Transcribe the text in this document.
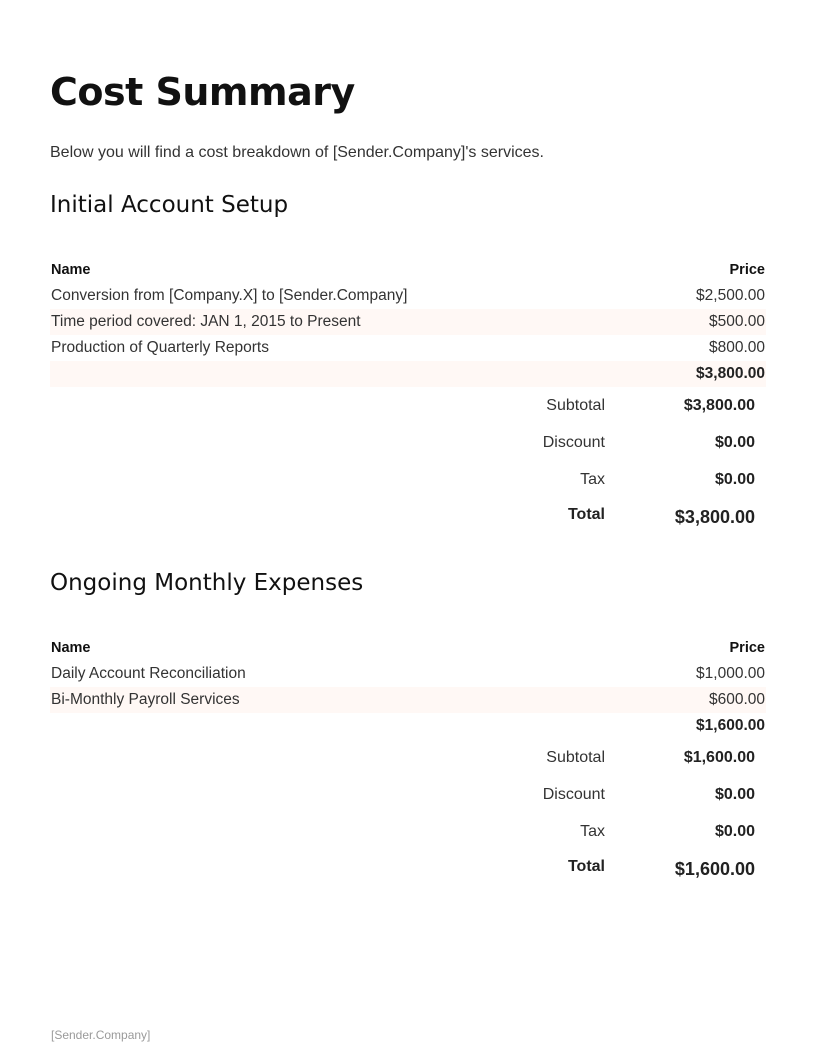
Cost Summary
Below you will find a cost breakdown of [Sender.Company]'s services.
Initial Account Setup
Name	Price
Conversion from [Company.X] to [Sender.Company]	$2,500.00
Time period covered: JAN 1, 2015 to Present	$500.00
Production of Quarterly Reports	$800.00
	$3,800.00
Subtotal	$3,800.00
Discount	$0.00
Tax	$0.00
Total	$3,800.00
Ongoing Monthly Expenses
Name	Price
Daily Account Reconciliation	$1,000.00
Bi-Monthly Payroll Services	$600.00
	$1,600.00
Subtotal	$1,600.00
Discount	$0.00
Tax	$0.00
Total	$1,600.00
[Sender.Company]
